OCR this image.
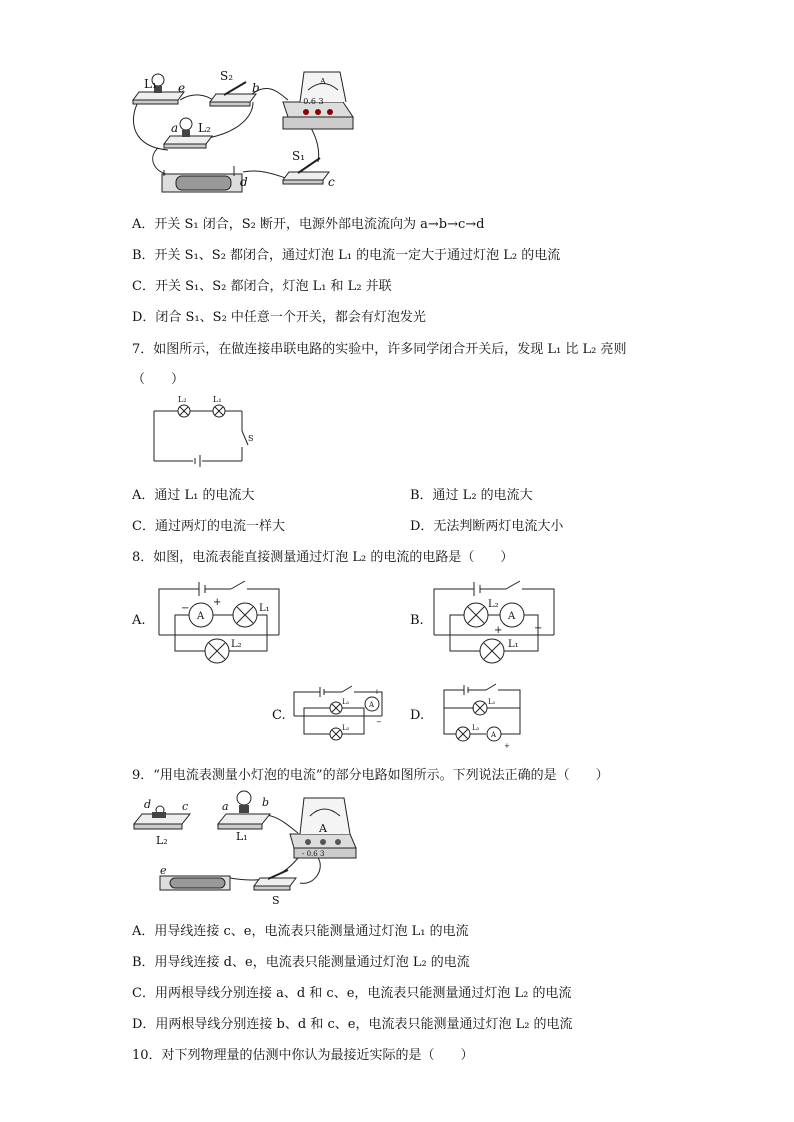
L₁ e
S₂
b
a L₂
A
- 0.6 3
S₁
c
d
A．开关 S₁ 闭合，S₂ 断开，电源外部电流流向为 a→b→c→d
B．开关 S₁、S₂ 都闭合，通过灯泡 L₁ 的电流一定大于通过灯泡 L₂ 的电流
C．开关 S₁、S₂ 都闭合，灯泡 L₁ 和 L₂ 并联
D．闭合 S₁、S₂ 中任意一个开关，都会有灯泡发光
7．如图所示，在做连接串联电路的实验中，许多同学闭合开关后，发现 L₁ 比 L₂ 亮则
（　　）
L₂	L₁
S
A．通过 L₁ 的电流大	B．通过 L₂ 的电流大
C．通过两灯的电流一样大	D．无法判断两灯电流大小
8．如图，电流表能直接测量通过灯泡 L₂ 的电流的电路是（　　）
A.	A
L₁
L₂
+
−
B.	A
L₂
L₁
+	−
C.
A
L₁
L₂
+
− D.
A
L₁
L₂
+
9．“用电流表测量小灯泡的电流”的部分电路如图所示。下列说法正确的是（　　）
d	c	a	b
L₂	L₁
A
- 0.6 3
e
S
A．用导线连接 c、e，电流表只能测量通过灯泡 L₁ 的电流
B．用导线连接 d、e，电流表只能测量通过灯泡 L₂ 的电流
C．用两根导线分别连接 a、d 和 c、e，电流表只能测量通过灯泡 L₂ 的电流
D．用两根导线分别连接 b、d 和 c、e，电流表只能测量通过灯泡 L₂ 的电流
10．对下列物理量的估测中你认为最接近实际的是（　　）
